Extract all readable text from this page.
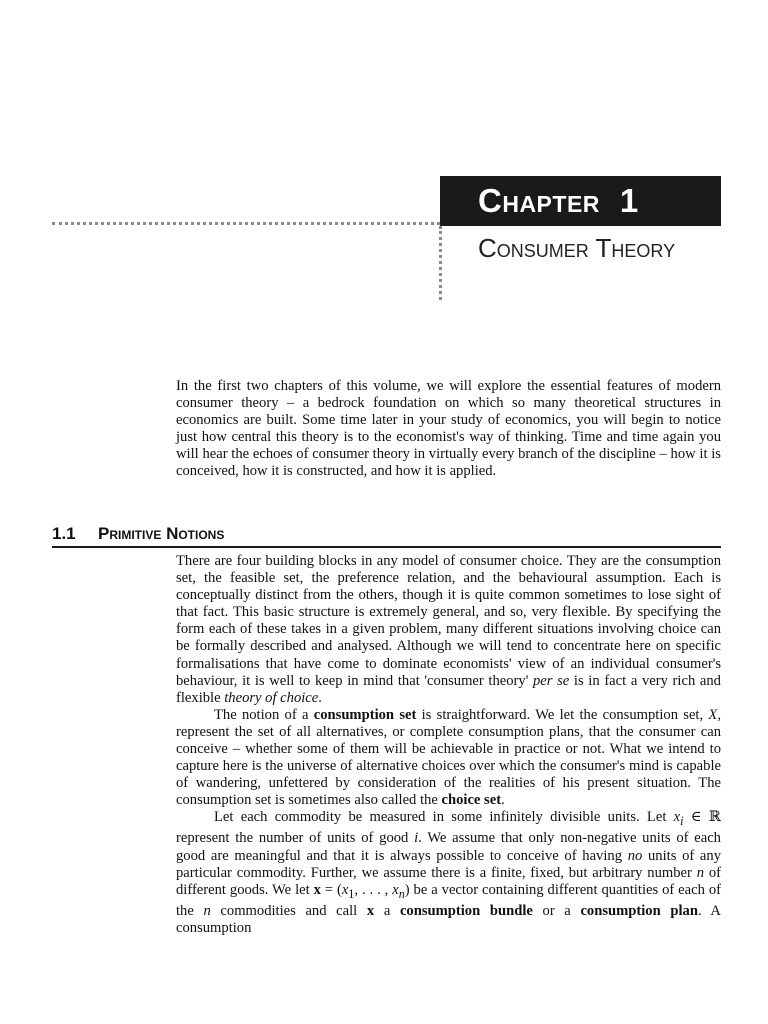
Chapter 1
Consumer Theory

In the first two chapters of this volume, we will explore the essential features of modern consumer theory – a bedrock foundation on which so many theoretical structures in economics are built. Some time later in your study of economics, you will begin to notice just how central this theory is to the economist's way of thinking. Time and time again you will hear the echoes of consumer theory in virtually every branch of the discipline – how it is conceived, how it is constructed, and how it is applied.

1.1 Primitive Notions

There are four building blocks in any model of consumer choice. They are the consumption set, the feasible set, the preference relation, and the behavioural assumption. Each is conceptually distinct from the others, though it is quite common sometimes to lose sight of that fact. This basic structure is extremely general, and so, very flexible. By specifying the form each of these takes in a given problem, many different situations involving choice can be formally described and analysed. Although we will tend to concentrate here on specific formalisations that have come to dominate economists' view of an individual consumer's behaviour, it is well to keep in mind that 'consumer theory' per se is in fact a very rich and flexible theory of choice.

The notion of a consumption set is straightforward. We let the consumption set, X, represent the set of all alternatives, or complete consumption plans, that the consumer can conceive – whether some of them will be achievable in practice or not. What we intend to capture here is the universe of alternative choices over which the consumer's mind is capable of wandering, unfettered by consideration of the realities of his present situation. The consumption set is sometimes also called the choice set.

Let each commodity be measured in some infinitely divisible units. Let $x_i$ ∈ ℝ represent the number of units of good i. We assume that only non-negative units of each good are meaningful and that it is always possible to conceive of having no units of any particular commodity. Further, we assume there is a finite, fixed, but arbitrary number n of different goods. We let $x = (x_1$, . . . , $x_n$) be a vector containing different quantities of each of the n commodities and call x a consumption bundle or a consumption plan. A consumption
